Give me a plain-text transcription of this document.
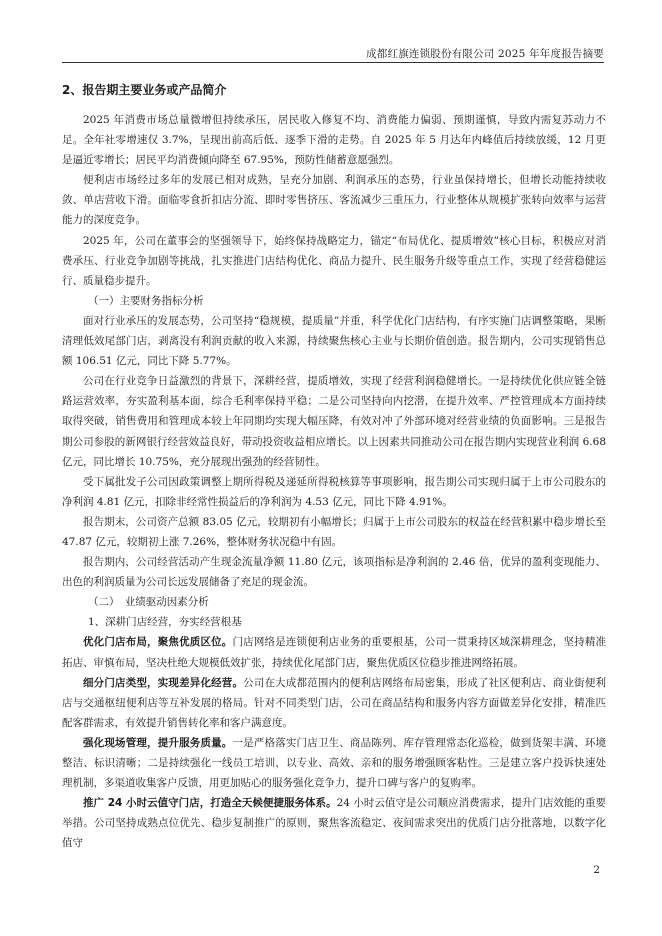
成都红旗连锁股份有限公司 2025 年年度报告摘要
2、报告期主要业务或产品简介

2025 年消费市场总量微增但持续承压，居民收入修复不均、消费能力偏弱、预期谨慎，导致内需复苏动力不足。全年社零增速仅 3.7%，呈现出前高后低、逐季下滑的走势。自 2025 年 5 月达年内峰值后持续放缓，12 月更是逼近零增长；居民平均消费倾向降至 67.95%，预防性储蓄意愿强烈。

便利店市场经过多年的发展已相对成熟，呈充分加剧、利润承压的态势，行业虽保持增长，但增长动能持续收敛、单店营收下滑。面临零食折扣店分流、即时零售挤压、客流减少三重压力，行业整体从规模扩张转向效率与运营能力的深度竞争。

2025 年，公司在董事会的坚强领导下，始终保持战略定力，锚定“布局优化、提质增效”核心目标，积极应对消费承压、行业竞争加剧等挑战，扎实推进门店结构优化、商品力提升、民生服务升级等重点工作，实现了经营稳健运行、质量稳步提升。

（一）主要财务指标分析

面对行业承压的发展态势，公司坚持“稳规模，提质量”并重，科学优化门店结构，有序实施门店调整策略，果断清理低效尾部门店，剥离没有利润贡献的收入来源，持续聚焦核心主业与长期价值创造。报告期内，公司实现销售总额 106.51 亿元，同比下降 5.77%。

公司在行业竞争日益激烈的背景下，深耕经营，提质增效，实现了经营利润稳健增长。一是持续优化供应链全链路运营效率，夯实盈利基本面，综合毛利率保持平稳；二是公司坚持向内挖潜，在提升效率、严控管理成本方面持续取得突破，销售费用和管理成本较上年同期均实现大幅压降，有效对冲了外部环境对经营业绩的负面影响。三是报告期公司参股的新网银行经营效益良好，带动投资收益相应增长。以上因素共同推动公司在报告期内实现营业利润 6.68 亿元，同比增长 10.75%，充分展现出强劲的经营韧性。

受下属批发子公司因政策调整上期所得税及递延所得税核算等事项影响，报告期公司实现归属于上市公司股东的净利润 4.81 亿元，扣除非经常性损益后的净利润为 4.53 亿元，同比下降 4.91%。

报告期末，公司资产总额 83.05 亿元，较期初有小幅增长；归属于上市公司股东的权益在经营积累中稳步增长至 47.87 亿元，较期初上涨 7.26%，整体财务状况稳中有固。

报告期内，公司经营活动产生现金流量净额 11.80 亿元，该项指标是净利润的 2.46 倍，优异的盈利变现能力、出色的利润质量为公司长远发展储备了充足的现金流。

（二）　业绩驱动因素分析

1、深耕门店经营，夯实经营根基

优化门店布局，聚焦优质区位。门店网络是连锁便利店业务的重要根基，公司一贯秉持区域深耕理念，坚持精准拓店、审慎布局，坚决杜绝大规模低效扩张，持续优化尾部门店，聚焦优质区位稳步推进网络拓展。

细分门店类型，实现差异化经营。公司在大成都范围内的便利店网络布局密集，形成了社区便利店、商业街便利店与交通枢纽便利店等互补发展的格局。针对不同类型门店，公司在商品结构和服务内容方面做差异化安排，精准匹配客群需求，有效提升销售转化率和客户满意度。

强化现场管理，提升服务质量。一是严格落实门店卫生、商品陈列、库存管理常态化巡检，做到货架丰满、环境整洁、标识清晰；二是持续强化一线员工培训，以专业、高效、亲和的服务增强顾客粘性。三是建立客户投诉快速处理机制，多渠道收集客户反馈，用更加贴心的服务强化竞争力，提升口碑与客户的复购率。

推广 24 小时云值守门店，打造全天候便捷服务体系。24 小时云值守是公司顺应消费需求，提升门店效能的重要举措。公司坚持成熟点位优先、稳步复制推广的原则，聚焦客流稳定、夜间需求突出的优质门店分批落地，以数字化值守

2
